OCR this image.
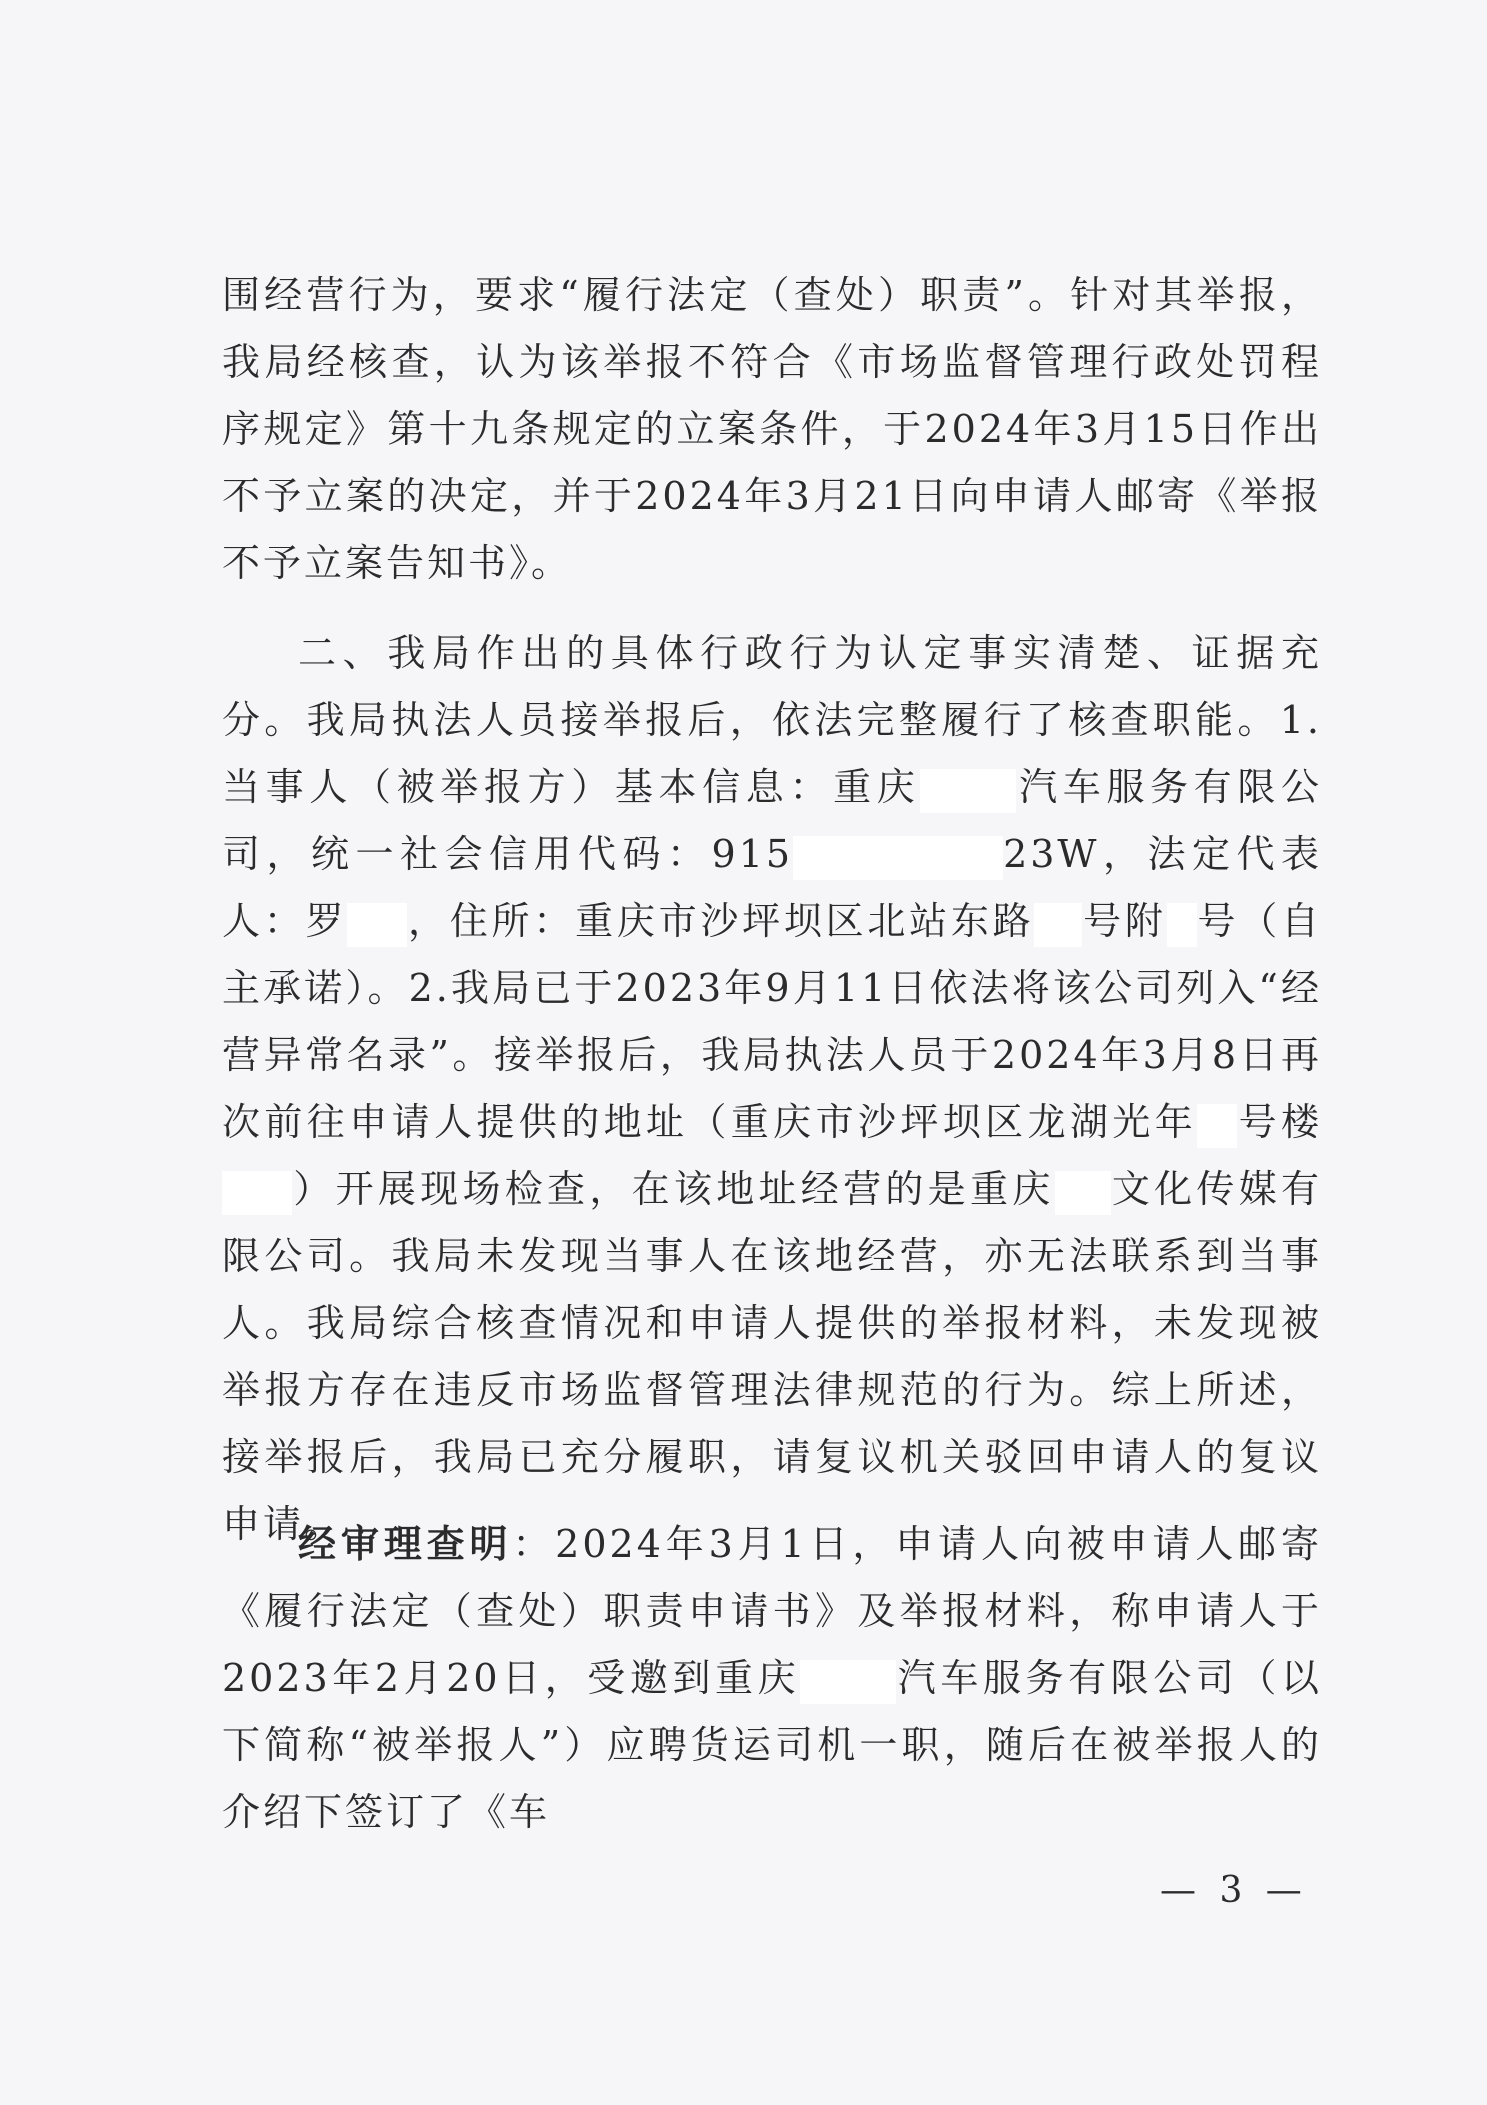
围经营行为，要求“履行法定（查处）职责”。针对其举报，我局经核查，认为该举报不符合《市场监督管理行政处罚程序规定》第十九条规定的立案条件，于2024年3月15日作出不予立案的决定，并于2024年3月21日向申请人邮寄《举报不予立案告知书》。

二、我局作出的具体行政行为认定事实清楚、证据充分。我局执法人员接举报后，依法完整履行了核查职能。1.当事人（被举报方）基本信息：重庆	汽车服务有限公司，统一社会信用代码：915	23W，法定代表人：罗 ，住所：重庆市沙坪坝区北站东路 号附 号（自主承诺）。2.我局已于2023年9月11日依法将该公司列入“经营异常名录”。接举报后，我局执法人员于2024年3月8日再次前往申请人提供的地址（重庆市沙坪坝区龙湖光年 号楼）开展现场检查，在该地址经营的是重庆 文化传媒有限公司。我局未发现当事人在该地经营，亦无法联系到当事人。我局综合核查情况和申请人提供的举报材料，未发现被举报方存在违反市场监督管理法律规范的行为。综上所述，接举报后，我局已充分履职，请复议机关驳回申请人的复议申请。

经审理查明：2024年3月1日，申请人向被申请人邮寄《履行法定（查处）职责申请书》及举报材料，称申请人于2023年2月20日，受邀到重庆	汽车服务有限公司（以下简称“被举报人”）应聘货运司机一职，随后在被举报人的介绍下签订了《车

— 3 —
